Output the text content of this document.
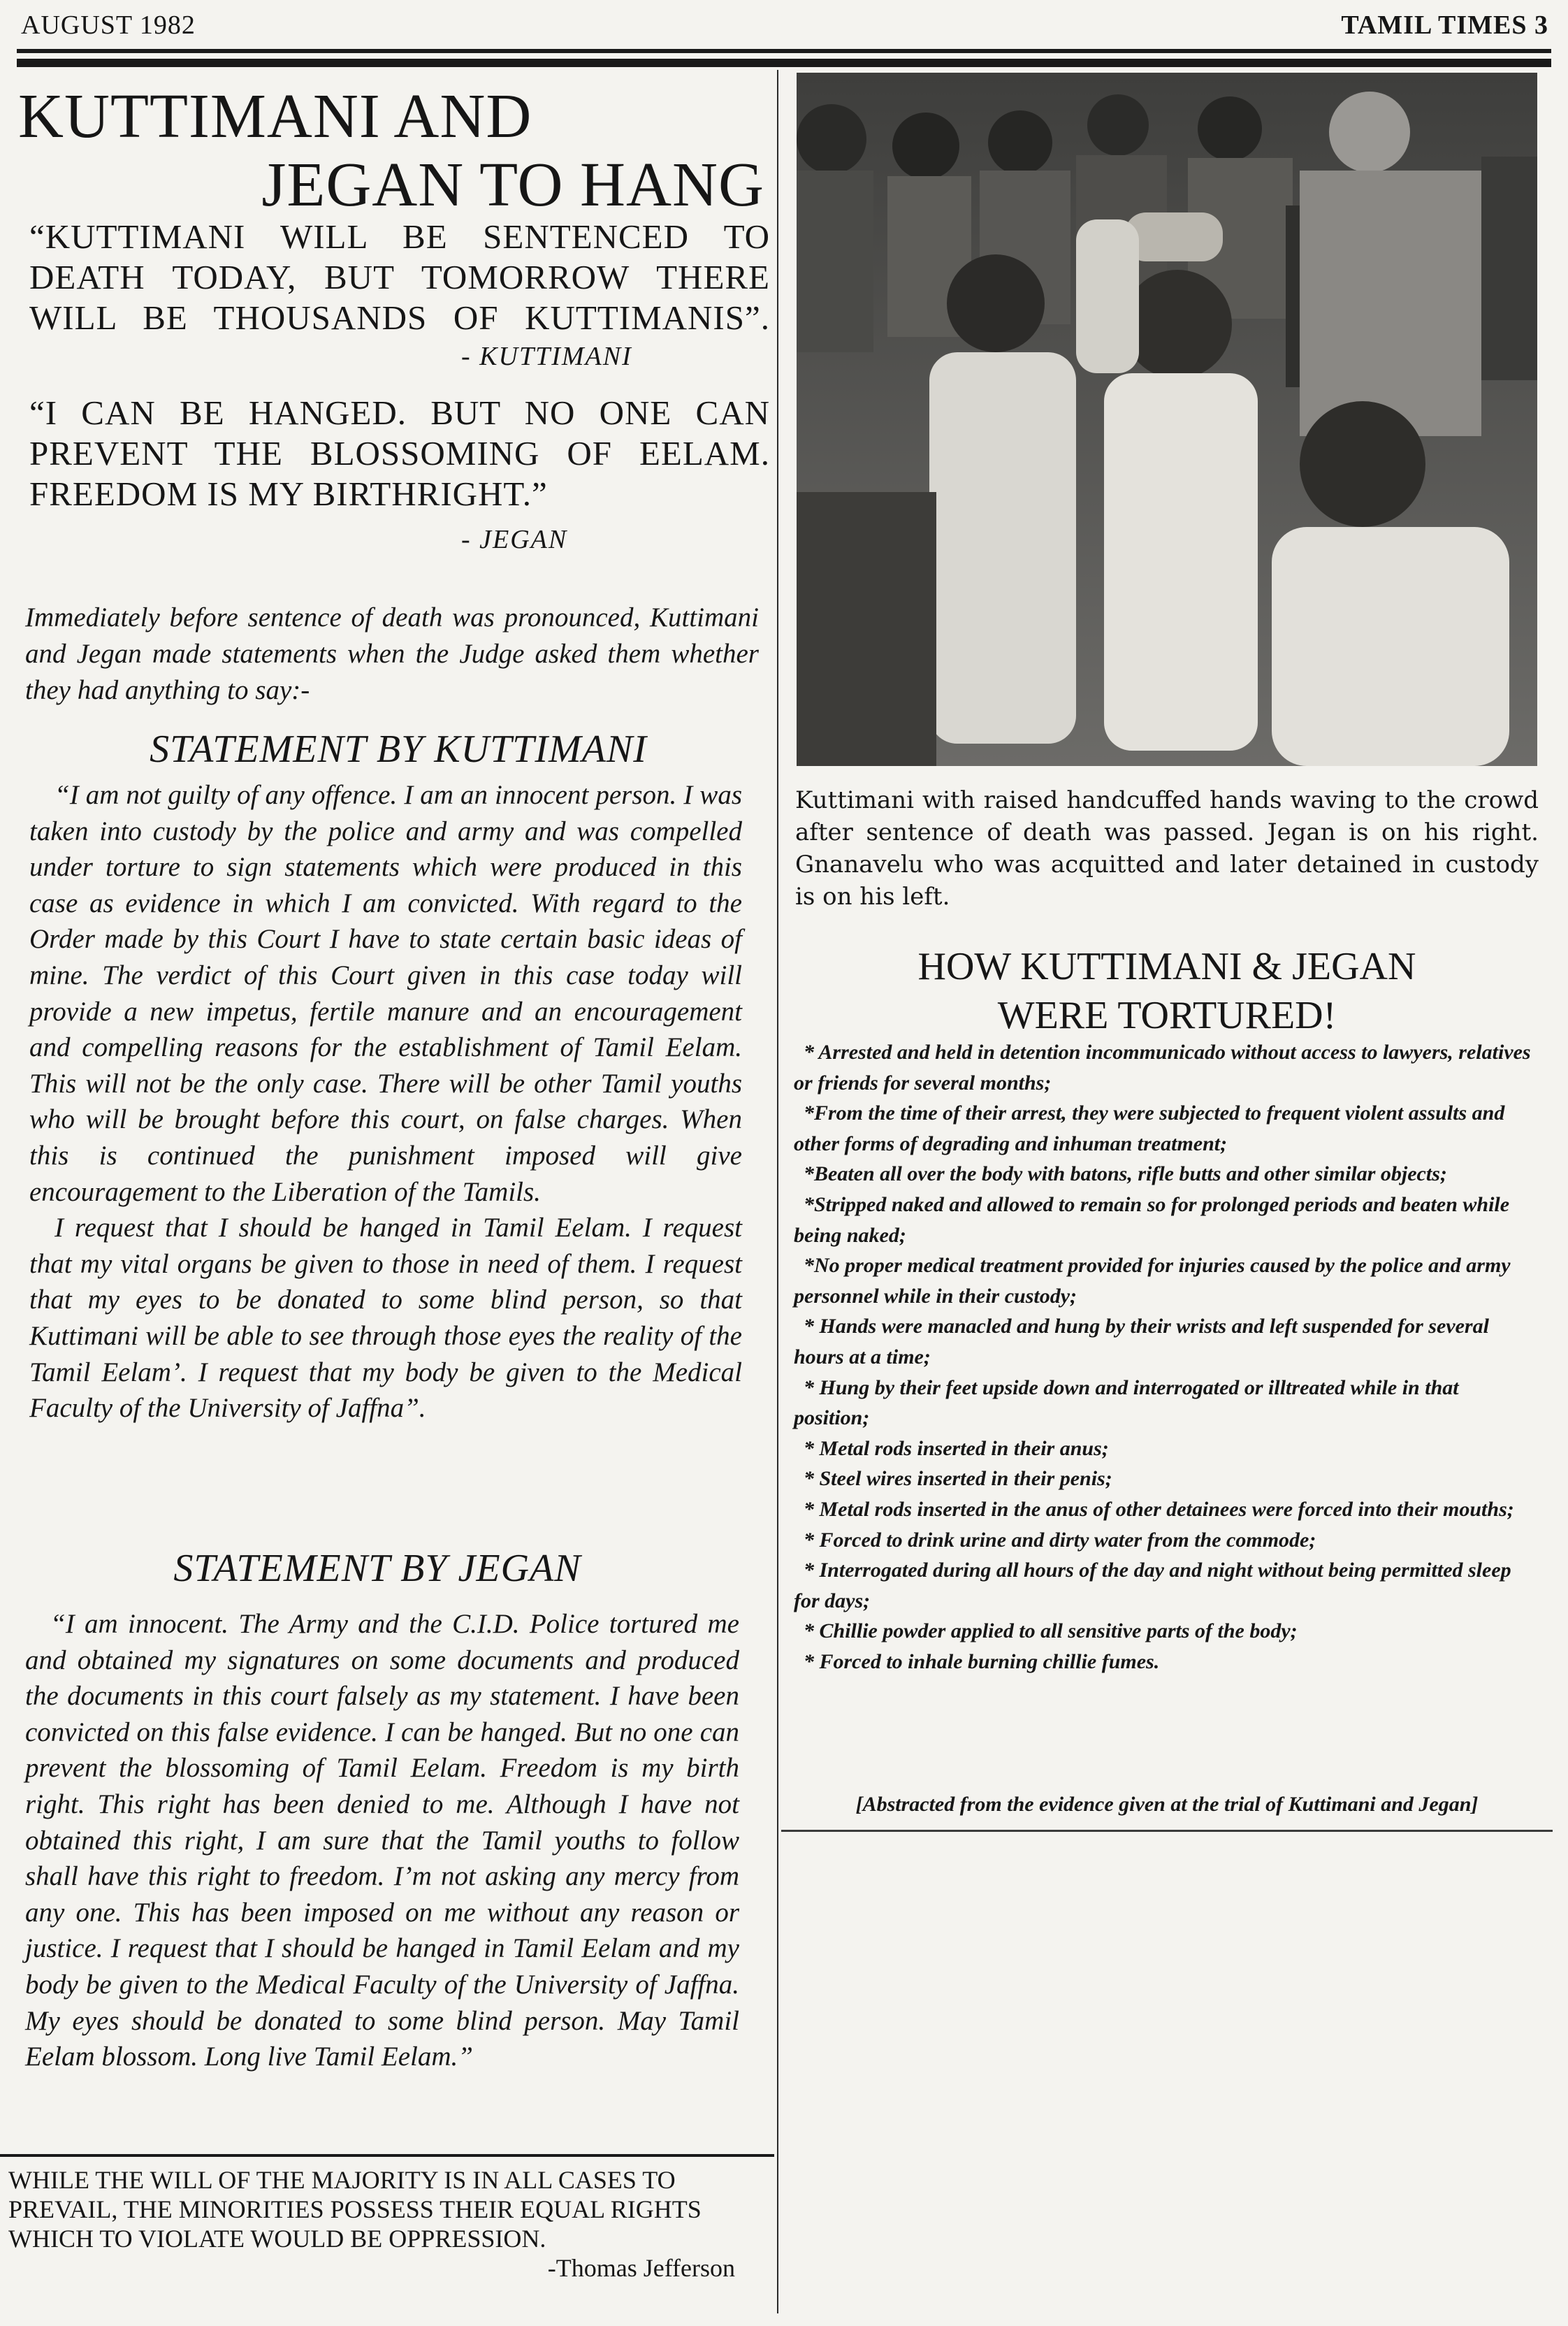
AUGUST 1982	TAMIL TIMES 3
KUTTIMANI AND
JEGAN TO HANG
“KUTTIMANI WILL BE SENTENCED TO DEATH TODAY, BUT TOMORROW THERE WILL BE THOUSANDS OF KUTTIMANIS”.
- KUTTIMANI
“I CAN BE HANGED. BUT NO ONE CAN PREVENT THE BLOSSOMING OF EELAM. FREEDOM IS MY BIRTHRIGHT.”
- JEGAN
Immediately before sentence of death was pronounced, Kuttimani and Jegan made statements when the Judge asked them whether they had anything to say:-
STATEMENT BY KUTTIMANI

“I am not guilty of any offence. I am an innocent person. I was taken into custody by the police and army and was compelled under torture to sign statements which were produced in this case as evidence in which I am convicted. With regard to the Order made by this Court I have to state certain basic ideas of mine. The verdict of this Court given in this case today will provide a new impetus, fertile manure and an encouragement and compelling reasons for the establishment of Tamil Eelam. This will not be the only case. There will be other Tamil youths who will be brought before this court, on false charges. When this is continued the punishment imposed will give encouragement to the Liberation of the Tamils.

I request that I should be hanged in Tamil Eelam. I request that my vital organs be given to those in need of them. I request that my eyes to be donated to some blind person, so that Kuttimani will be able to see through those eyes the reality of the Tamil Eelam’. I request that my body be given to the Medical Faculty of the University of Jaffna”.

STATEMENT BY JEGAN

“I am innocent. The Army and the C.I.D. Police tortured me and obtained my signatures on some documents and produced the documents in this court falsely as my statement. I have been convicted on this false evidence. I can be hanged. But no one can prevent the blossoming of Tamil Eelam. Freedom is my birth right. This right has been denied to me. Although I have not obtained this right, I am sure that the Tamil youths to follow shall have this right to freedom. I’m not asking any mercy from any one. This has been imposed on me without any reason or justice. I request that I should be hanged in Tamil Eelam and my body be given to the Medical Faculty of the University of Jaffna. My eyes should be donated to some blind person. May Tamil Eelam blossom. Long live Tamil Eelam.”

WHILE THE WILL OF THE MAJORITY IS IN ALL CASES TO PREVAIL, THE MINORITIES POSSESS THEIR EQUAL RIGHTS WHICH TO VIOLATE WOULD BE OPPRESSION.
-Thomas Jefferson
Kuttimani with raised handcuffed hands waving to the crowd after sentence of death was passed. Jegan is on his right. Gnanavelu who was acquitted and later detained in custody is on his left.
HOW KUTTIMANI & JEGAN
WERE TORTURED!
* Arrested and held in detention incommunicado without access to lawyers, relatives or friends for several months;
*From the time of their arrest, they were subjected to frequent violent assults and other forms of degrading and inhuman treatment;
*Beaten all over the body with batons, rifle butts and other similar objects;
*Stripped naked and allowed to remain so for prolonged periods and beaten while being naked;
*No proper medical treatment provided for injuries caused by the police and army personnel while in their custody;
* Hands were manacled and hung by their wrists and left suspended for several hours at a time;
* Hung by their feet upside down and interrogated or illtreated while in that position;
* Metal rods inserted in their anus;
* Steel wires inserted in their penis;
* Metal rods inserted in the anus of other detainees were forced into their mouths;
* Forced to drink urine and dirty water from the commode;
* Interrogated during all hours of the day and night without being permitted sleep for days;
* Chillie powder applied to all sensitive parts of the body;
* Forced to inhale burning chillie fumes.
[Abstracted from the evidence given at the trial of Kuttimani and Jegan]
